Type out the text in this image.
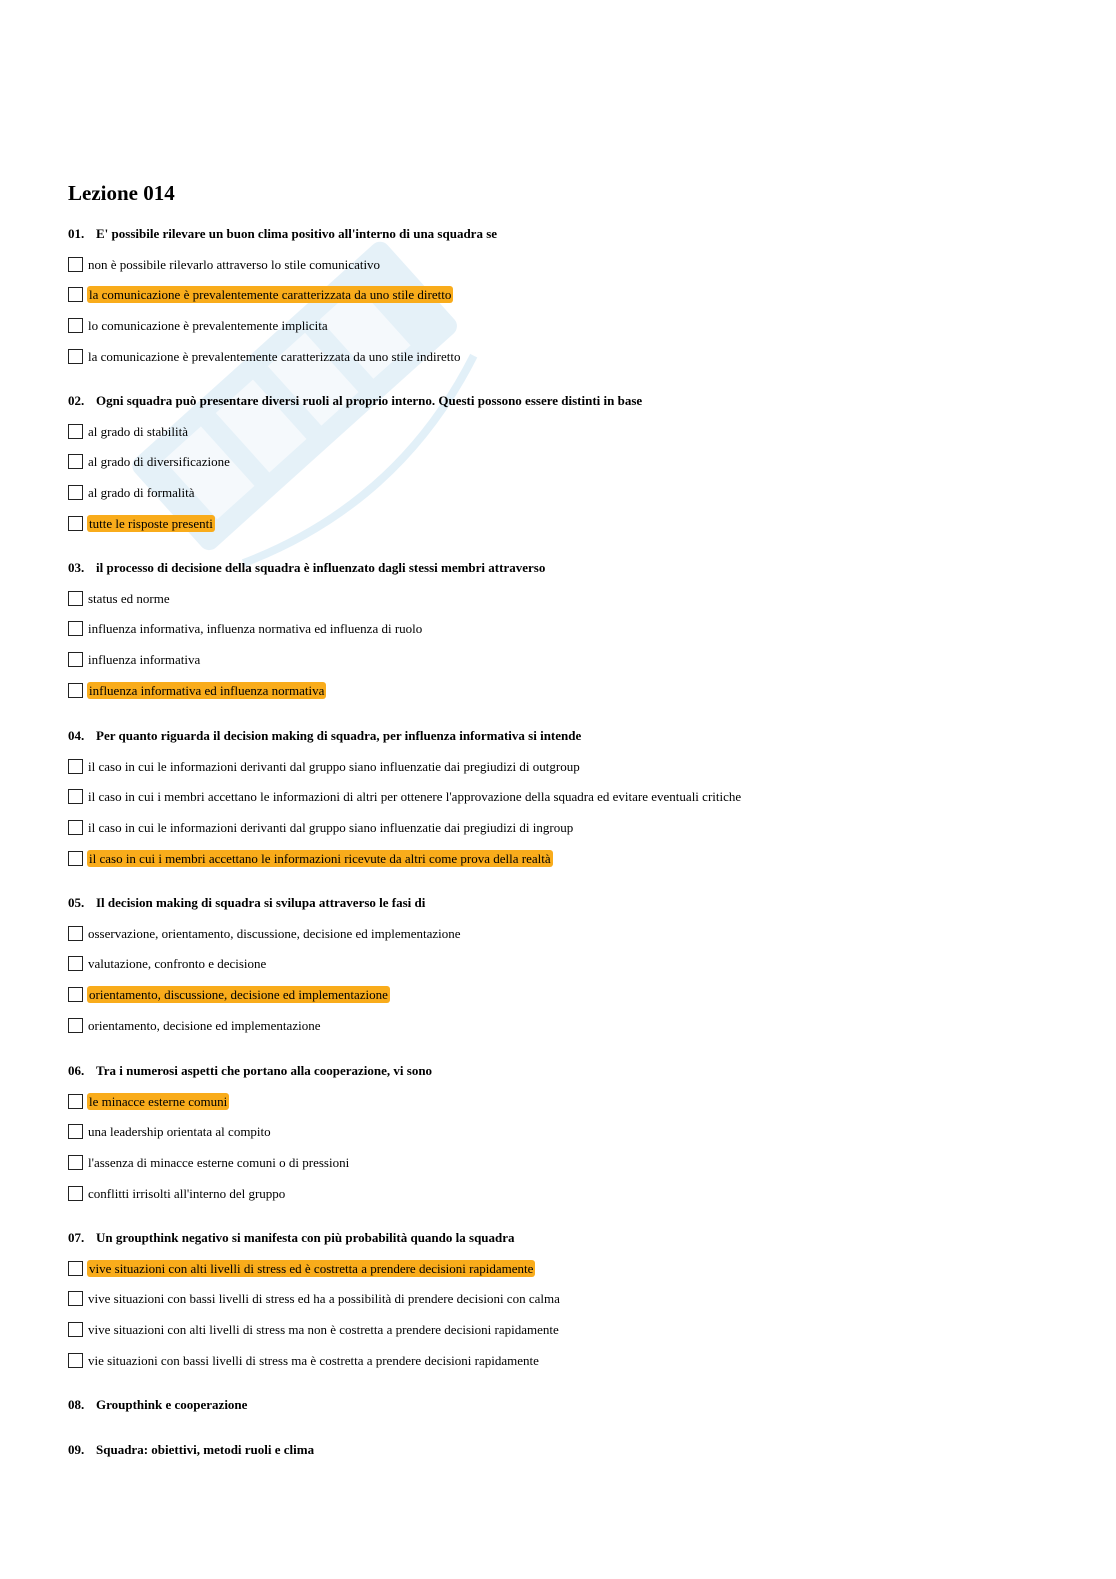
Lezione 014
01. E' possibile rilevare un buon clima positivo all'interno di una squadra se
non è possibile rilevarlo attraverso lo stile comunicativo
la comunicazione è prevalentemente caratterizzata da uno stile diretto
lo comunicazione è prevalentemente implicita
la comunicazione è prevalentemente caratterizzata da uno stile indiretto
02. Ogni squadra può presentare diversi ruoli al proprio interno. Questi possono essere distinti in base
al grado di stabilità
al grado di diversificazione
al grado di formalità
tutte le risposte presenti
03. il processo di decisione della squadra è influenzato dagli stessi membri attraverso
status ed norme
influenza informativa, influenza normativa ed influenza di ruolo
influenza informativa
influenza informativa ed influenza normativa
04. Per quanto riguarda il decision making di squadra, per influenza informativa si intende
il caso in cui le informazioni derivanti dal gruppo siano influenzatie dai pregiudizi di outgroup
il caso in cui i membri accettano le informazioni di altri per ottenere l'approvazione della squadra ed evitare eventuali critiche
il caso in cui le informazioni derivanti dal gruppo siano influenzatie dai pregiudizi di ingroup
il caso in cui i membri accettano le informazioni ricevute da altri come prova della realtà
05. Il decision making di squadra si svilupa attraverso le fasi di
osservazione, orientamento, discussione, decisione ed implementazione
valutazione, confronto e decisione
orientamento, discussione, decisione ed implementazione
orientamento, decisione ed implementazione
06. Tra i numerosi aspetti che portano alla cooperazione, vi sono
le minacce esterne comuni
una leadership orientata al compito
l'assenza di minacce esterne comuni o di pressioni
conflitti irrisolti all'interno del gruppo
07. Un groupthink negativo si manifesta con più probabilità quando la squadra
vive situazioni con alti livelli di stress ed è costretta a prendere decisioni rapidamente
vive situazioni con bassi livelli di stress ed ha a possibilità di prendere decisioni con calma
vive situazioni con alti livelli di stress ma non è costretta a prendere decisioni rapidamente
vie situazioni con bassi livelli di stress ma è costretta a prendere decisioni rapidamente
08. Groupthink e cooperazione
09. Squadra: obiettivi, metodi ruoli e clima
